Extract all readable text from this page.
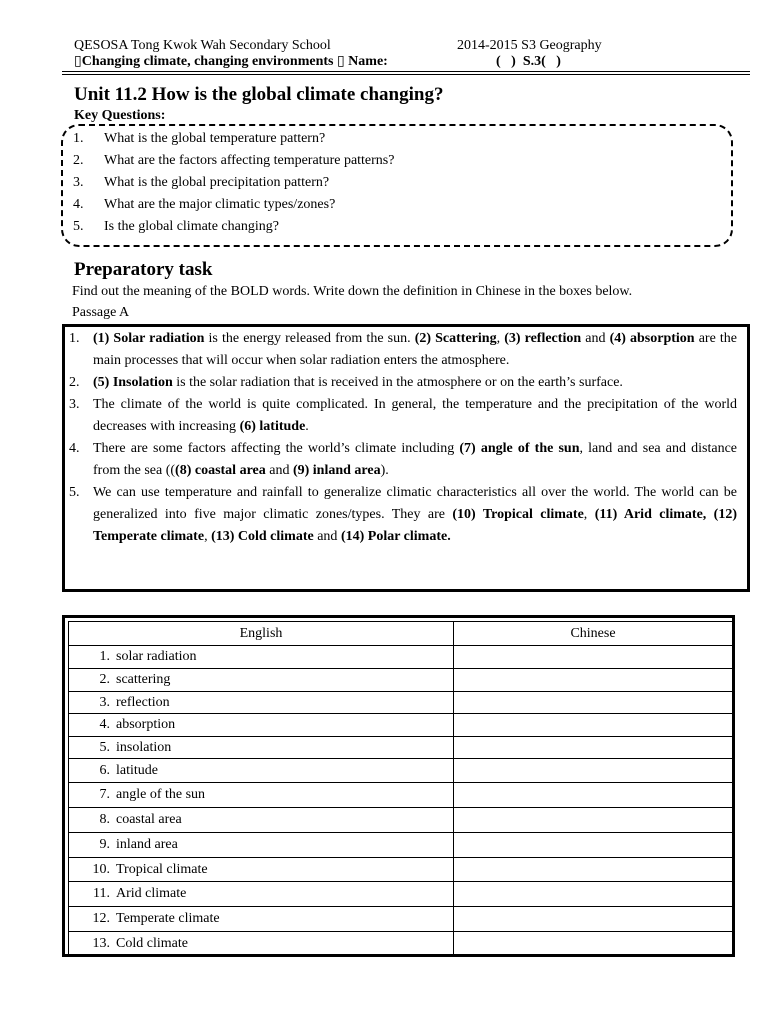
QESOSA Tong Kwok Wah Secondary School	2014-2015 S3 Geography
▯Changing climate, changing environments ▯ Name:	(   )  S.3(   )
Unit 11.2 How is the global climate changing?
Key Questions:
1.	What is the global temperature pattern?
2.	What are the factors affecting temperature patterns?
3.	What is the global precipitation pattern?
4.	What are the major climatic types/zones?
5.	Is the global climate changing?
Preparatory task
Find out the meaning of the BOLD words. Write down the definition in Chinese in the boxes below.
Passage A
1. (1) Solar radiation is the energy released from the sun. (2) Scattering, (3) reflection and (4) absorption are the main processes that will occur when solar radiation enters the atmosphere.
2. (5) Insolation is the solar radiation that is received in the atmosphere or on the earth’s surface.
3. The climate of the world is quite complicated. In general, the temperature and the precipitation of the world decreases with increasing (6) latitude.
4. There are some factors affecting the world’s climate including (7) angle of the sun, land and sea and distance from the sea (((8) coastal area and (9) inland area).
5. We can use temperature and rainfall to generalize climatic characteristics all over the world. The world can be generalized into five major climatic zones/types. They are (10) Tropical climate, (11) Arid climate, (12) Temperate climate, (13) Cold climate and (14) Polar climate.
English	Chinese

1. solar radiation	

2. scattering	

3. reflection	

4. absorption	

5. insolation	

6. latitude	

7. angle of the sun	

8. coastal area	

9. inland area	

10. Tropical climate	

11. Arid climate	

12. Temperate climate	

13. Cold climate	
